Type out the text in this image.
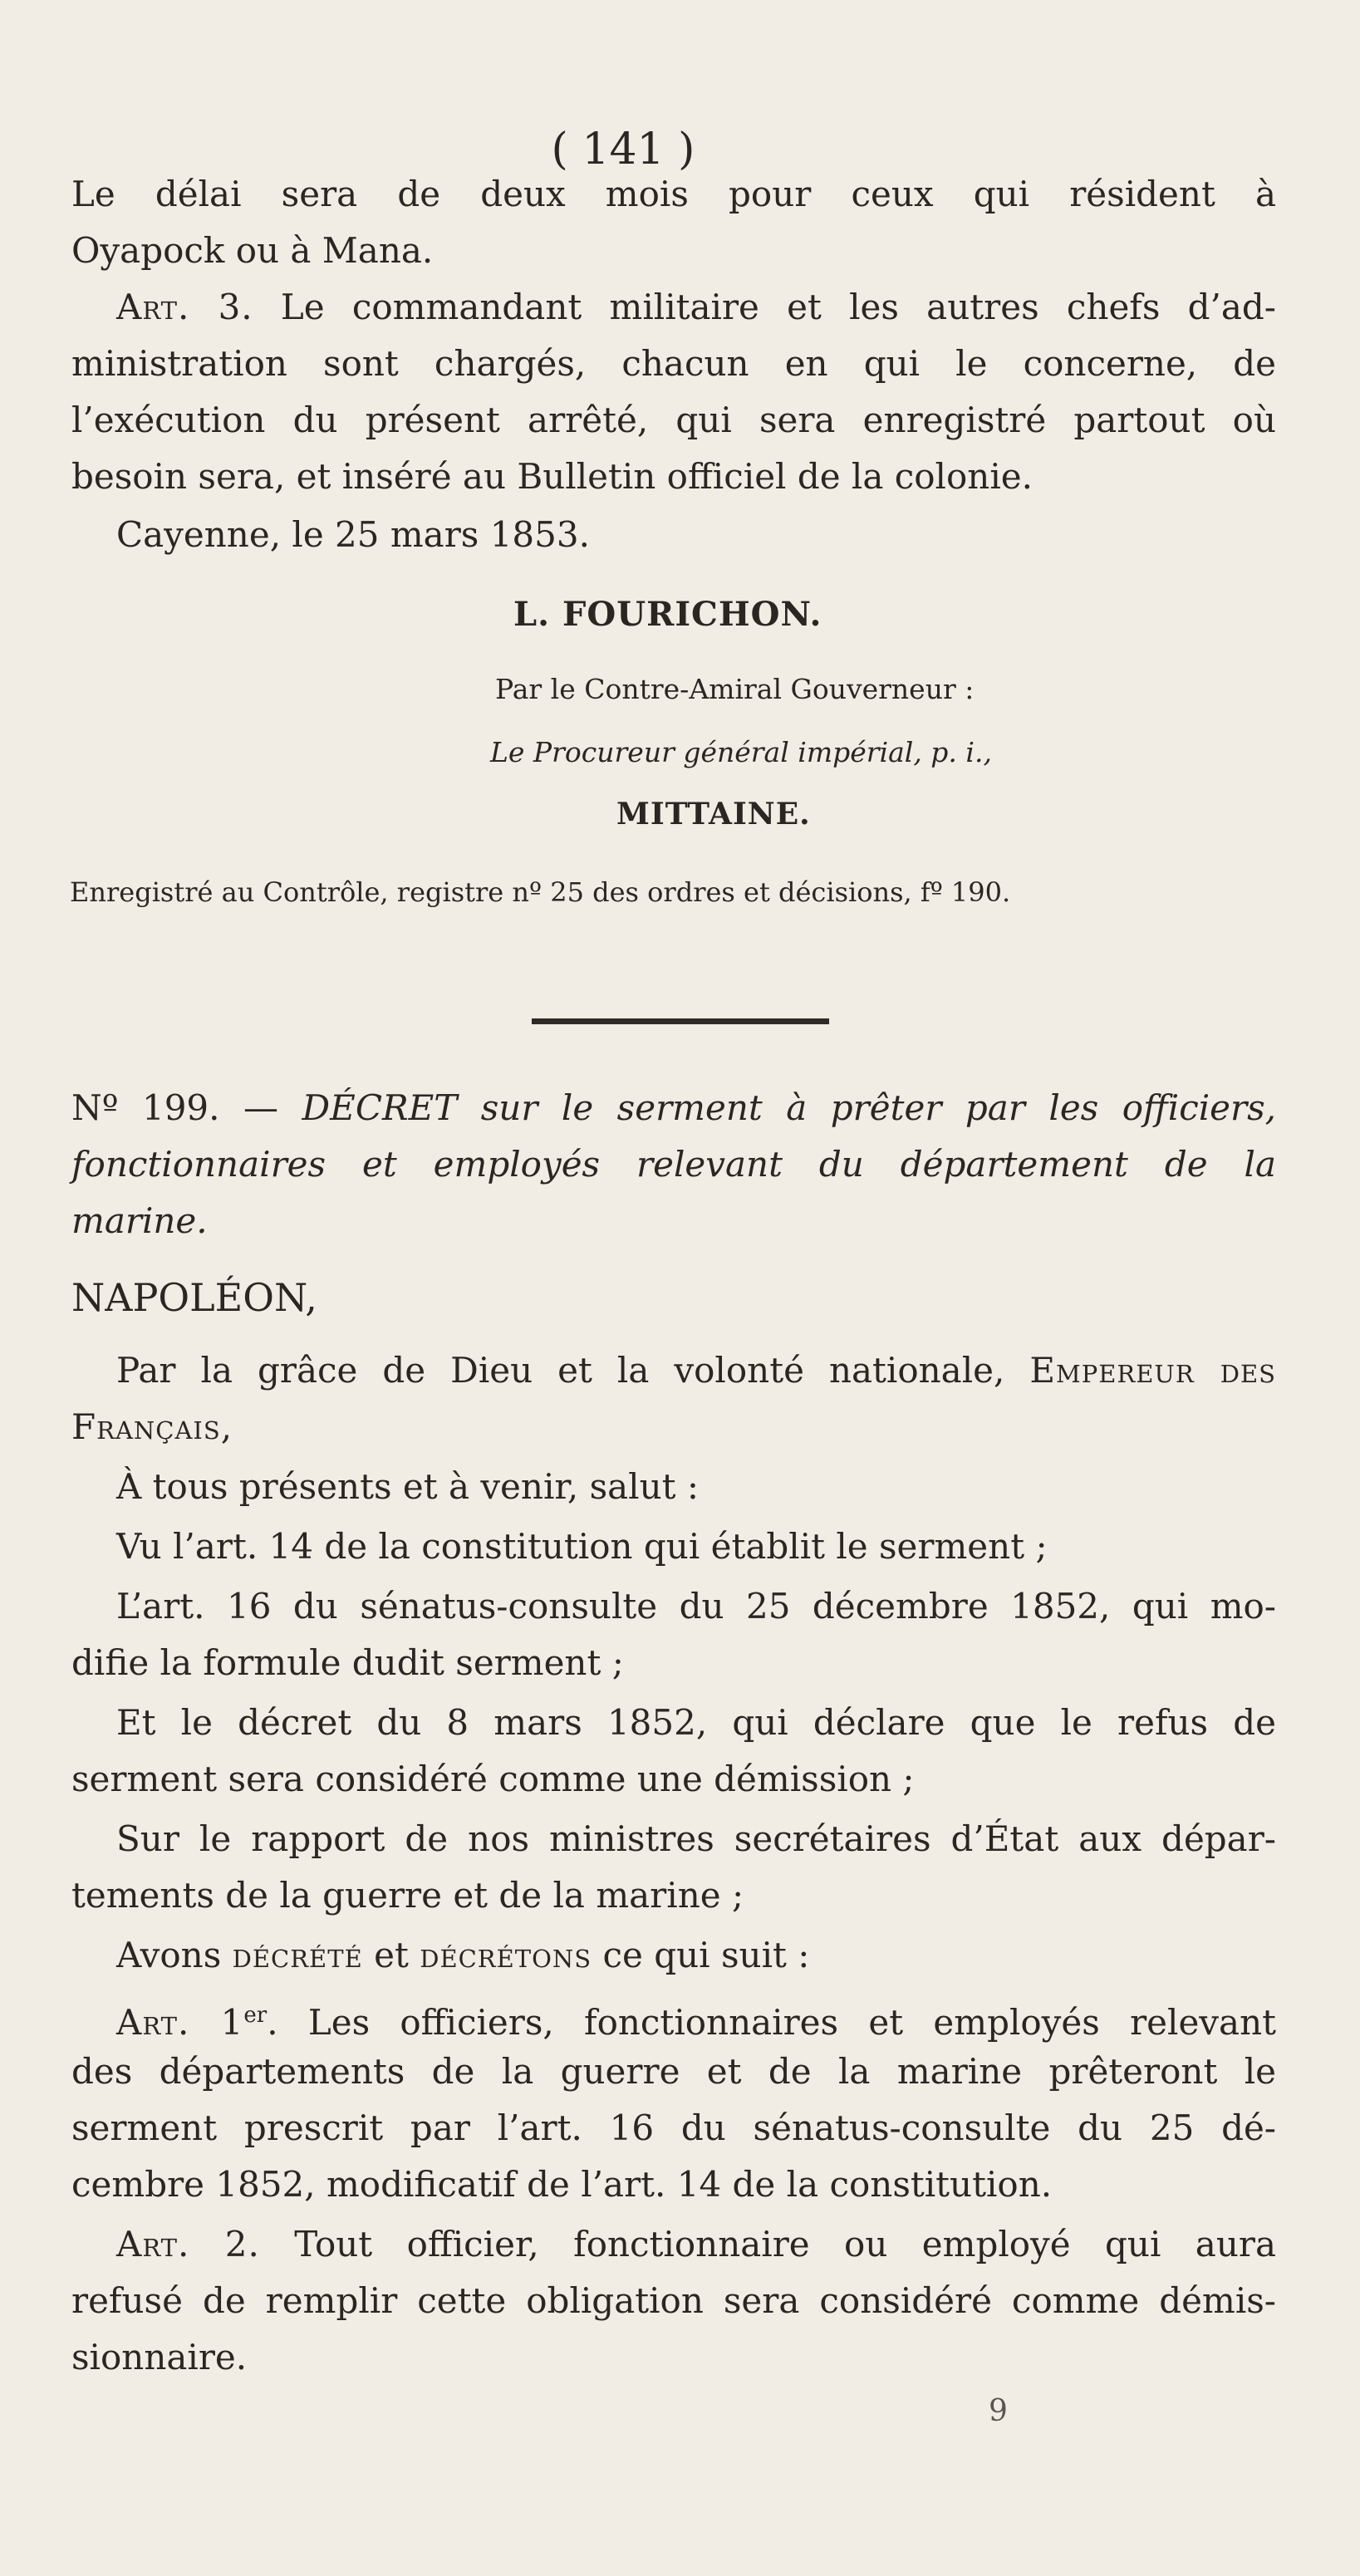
( 141 )

Le délai sera de deux mois pour ceux qui résident à

Oyapock ou à Mana.

Art. 3. Le commandant militaire et les autres chefs d’ad-

ministration sont chargés, chacun en qui le concerne, de

l’exécution du présent arrêté, qui sera enregistré partout où

besoin sera, et inséré au Bulletin officiel de la colonie.

Cayenne, le 25 mars 1853.

L. FOURICHON.

Par le Contre-Amiral Gouverneur :

Le Procureur général impérial, p. i.,

MITTAINE.

Enregistré au Contrôle, registre nº 25 des ordres et décisions, fº 190.

Nº 199. — DÉCRET sur le serment à prêter par les officiers,

fonctionnaires et employés relevant du département de la

marine.

NAPOLÉON,

Par la grâce de Dieu et la volonté nationale, Empereur des

Français,

À tous présents et à venir, salut :

Vu l’art. 14 de la constitution qui établit le serment ;

L’art. 16 du sénatus-consulte du 25 décembre 1852, qui mo-

difie la formule dudit serment ;

Et le décret du 8 mars 1852, qui déclare que le refus de

serment sera considéré comme une démission ;

Sur le rapport de nos ministres secrétaires d’État aux dépar-

tements de la guerre et de la marine ;

Avons décrété et décrétons ce qui suit :

Art. 1er. Les officiers, fonctionnaires et employés relevant

des départements de la guerre et de la marine prêteront le

serment prescrit par l’art. 16 du sénatus-consulte du 25 dé-

cembre 1852, modificatif de l’art. 14 de la constitution.

Art. 2. Tout officier, fonctionnaire ou employé qui aura

refusé de remplir cette obligation sera considéré comme démis-

sionnaire.

9
